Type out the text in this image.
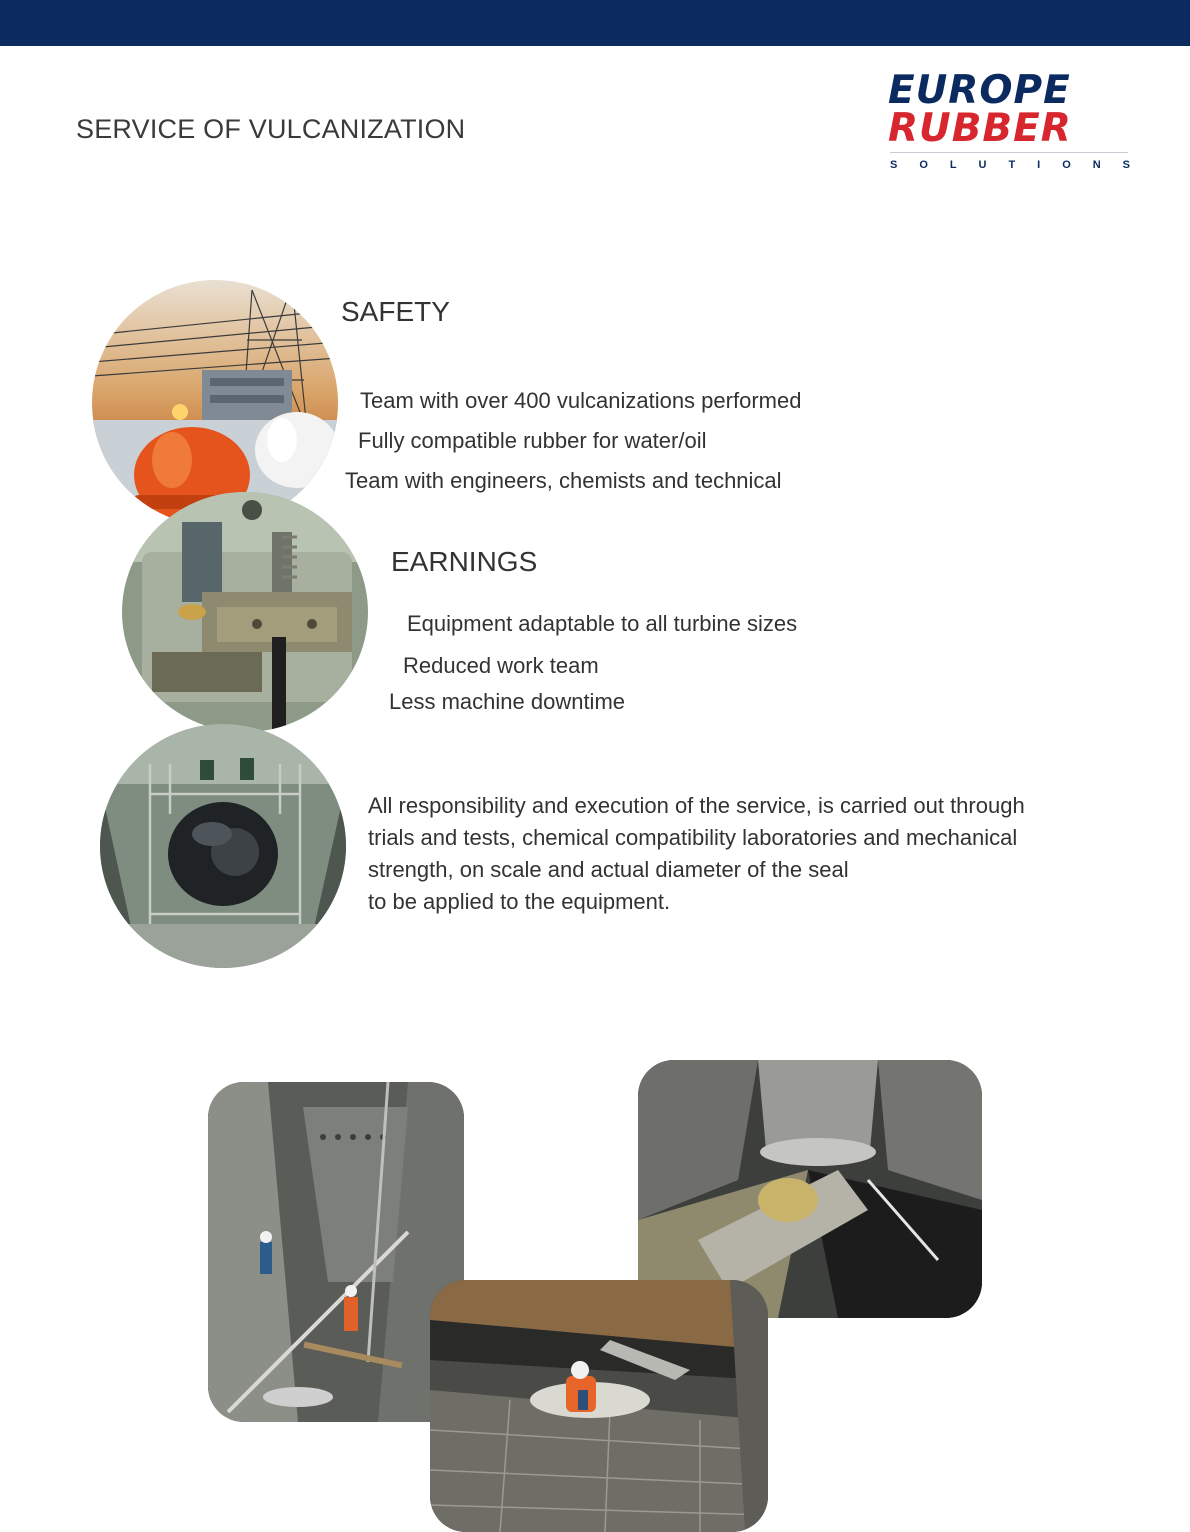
SERVICE OF VULCANIZATION
EUROPE
RUBBER
S O L U T I O N S
SAFETY
Team with over 400 vulcanizations performed
Fully compatible rubber for water/oil
Team with engineers, chemists and technical
EARNINGS
Equipment adaptable to all turbine sizes
Reduced work team
Less machine downtime
All responsibility and execution of the service, is carried out through
trials and tests, chemical compatibility laboratories and mechanical
strength, on scale and actual diameter of the seal
to be applied to the equipment.
